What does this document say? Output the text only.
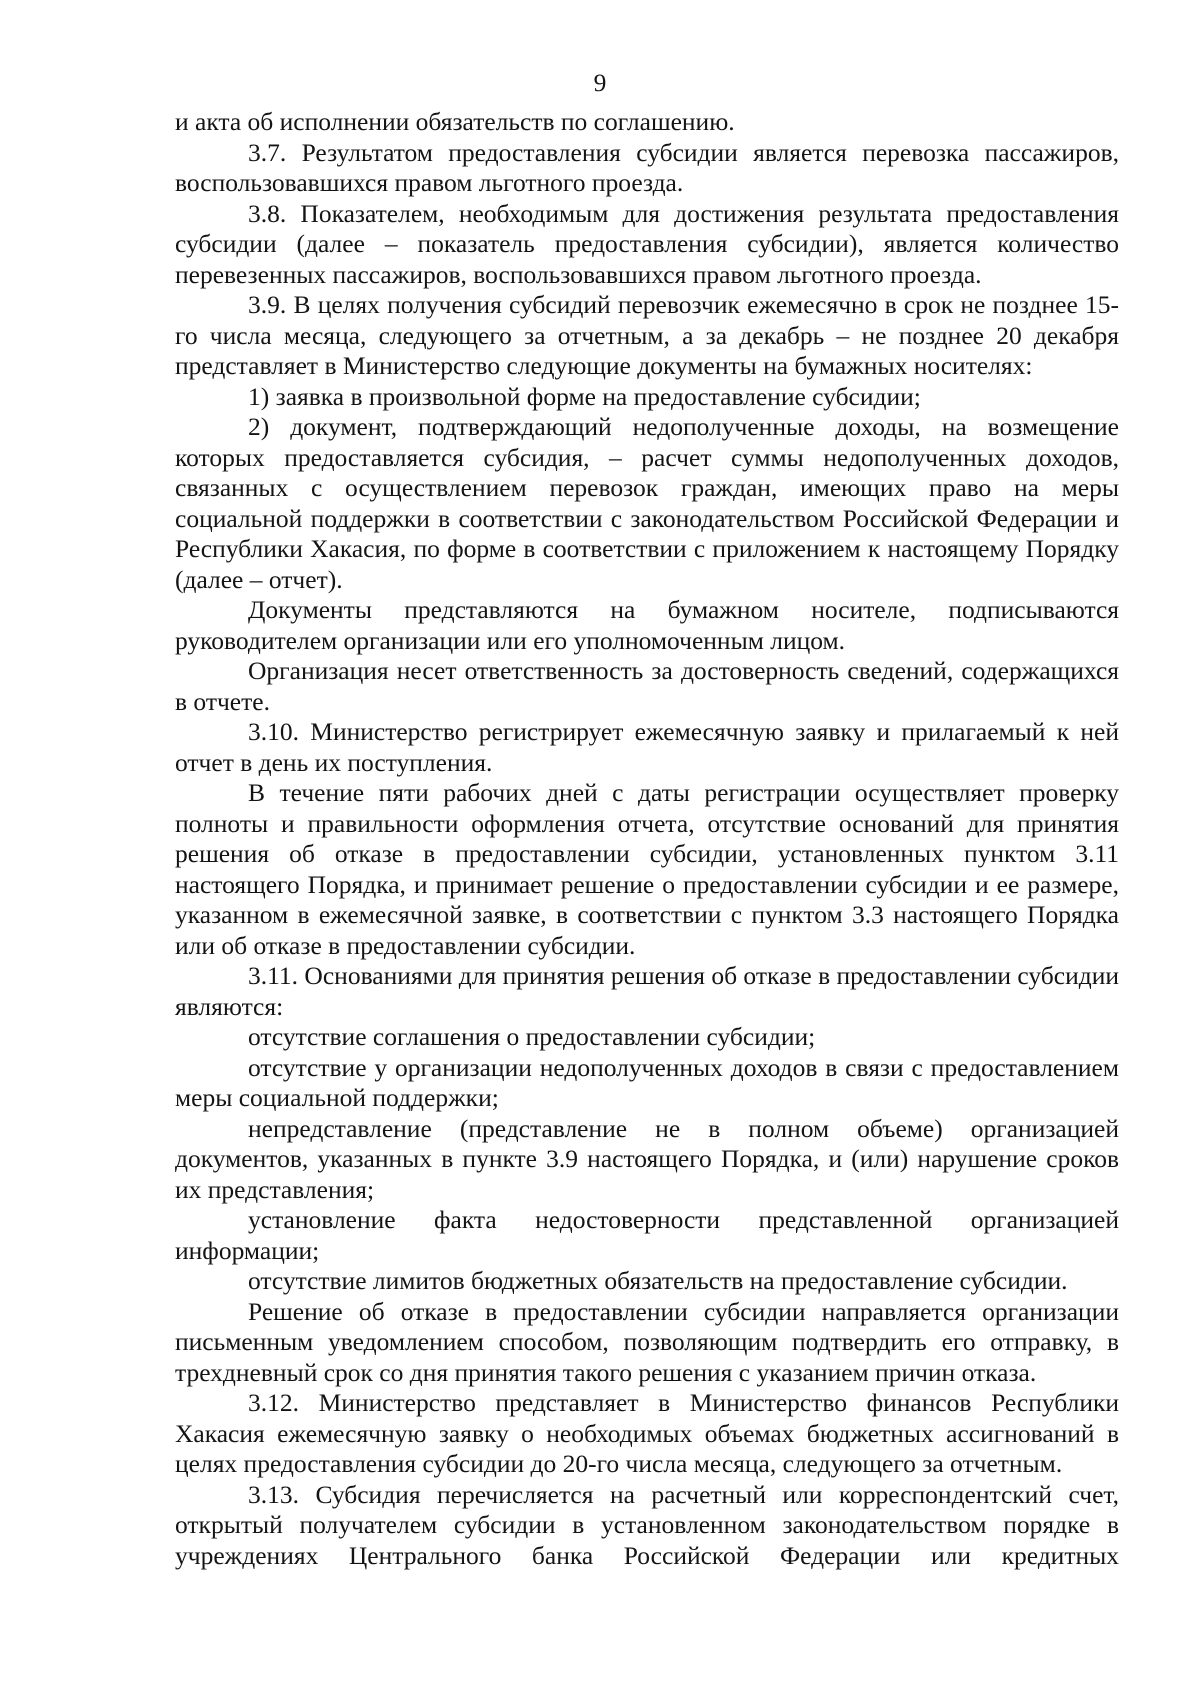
9

и акта об исполнении обязательств по соглашению.

3.7. Результатом предоставления субсидии является перевозка пассажиров, воспользовавшихся правом льготного проезда.

3.8. Показателем, необходимым для достижения результата предоставления субсидии (далее – показатель предоставления субсидии), является количество перевезенных пассажиров, воспользовавшихся правом льготного проезда.

3.9. В целях получения субсидий перевозчик ежемесячно в срок не позднее 15-го числа месяца, следующего за отчетным, а за декабрь – не позднее 20 декабря представляет в Министерство следующие документы на бумажных носителях:

1) заявка в произвольной форме на предоставление субсидии;

2) документ, подтверждающий недополученные доходы, на возмещение которых предоставляется субсидия, – расчет суммы недополученных доходов, связанных с осуществлением перевозок граждан, имеющих право на меры социальной поддержки в соответствии с законодательством Российской Федерации и Республики Хакасия, по форме в соответствии с приложением к настоящему Порядку (далее – отчет).

Документы представляются на бумажном носителе, подписываются руководителем организации или его уполномоченным лицом.

Организация несет ответственность за достоверность сведений, содержащихся в отчете.

3.10. Министерство регистрирует ежемесячную заявку и прилагаемый к ней отчет в день их поступления.

В течение пяти рабочих дней с даты регистрации осуществляет проверку полноты и правильности оформления отчета, отсутствие оснований для принятия решения об отказе в предоставлении субсидии, установленных пунктом 3.11 настоящего Порядка, и принимает решение о предоставлении субсидии и ее размере, указанном в ежемесячной заявке, в соответствии с пунктом 3.3 настоящего Порядка или об отказе в предоставлении субсидии.

3.11. Основаниями для принятия решения об отказе в предоставлении субсидии являются:

отсутствие соглашения о предоставлении субсидии;

отсутствие у организации недополученных доходов в связи с предоставлением меры социальной поддержки;

непредставление (представление не в полном объеме) организацией документов, указанных в пункте 3.9 настоящего Порядка, и (или) нарушение сроков их представления;

установление факта недостоверности представленной организацией информации;

отсутствие лимитов бюджетных обязательств на предоставление субсидии.

Решение об отказе в предоставлении субсидии направляется организации письменным уведомлением способом, позволяющим подтвердить его отправку, в трехдневный срок со дня принятия такого решения с указанием причин отказа.

3.12. Министерство представляет в Министерство финансов Республики Хакасия ежемесячную заявку о необходимых объемах бюджетных ассигнований в целях предоставления субсидии до 20-го числа месяца, следующего за отчетным.

3.13. Субсидия перечисляется на расчетный или корреспондентский счет, открытый получателем субсидии в установленном законодательством порядке в учреждениях Центрального банка Российской Федерации или кредитных
